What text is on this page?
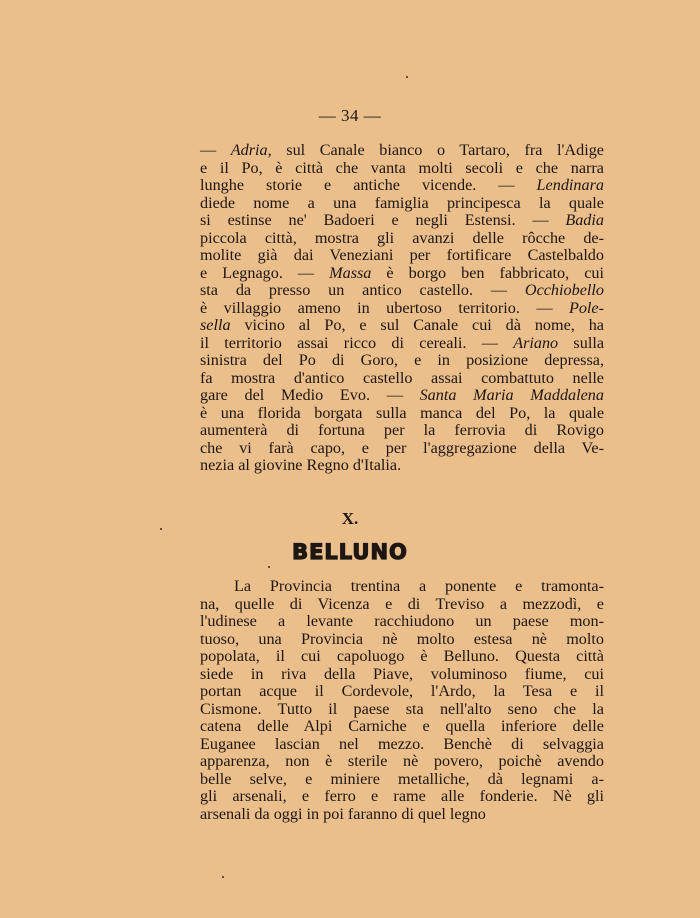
— 34 —
— Adria, sul Canale bianco o Tartaro, fra l'Adige
e il Po, è città che vanta molti secoli e che narra
lunghe storie e antiche vicende. — Lendinara
diede nome a una famiglia principesca la quale
si estinse ne' Badoeri e negli Estensi. — Badia
piccola città, mostra gli avanzi delle rôcche de-
molite già dai Veneziani per fortificare Castelbaldo
e Legnago. — Massa è borgo ben fabbricato, cui
sta da presso un antico castello. — Occhiobello
è villaggio ameno in ubertoso territorio. — Pole-
sella vicino al Po, e sul Canale cui dà nome, ha
il territorio assai ricco di cereali. — Ariano sulla
sinistra del Po di Goro, e in posizione depressa,
fa mostra d'antico castello assai combattuto nelle
gare del Medio Evo. — Santa Maria Maddalena
è una florida borgata sulla manca del Po, la quale
aumenterà di fortuna per la ferrovia di Rovigo
che vi farà capo, e per l'aggregazione della Ve-
nezia al giovine Regno d'Italia.
X.
BELLUNO
La Provincia trentina a ponente e tramonta-
na, quelle di Vicenza e di Treviso a mezzodì, e
l'udinese a levante racchiudono un paese mon-
tuoso, una Provincia nè molto estesa nè molto
popolata, il cui capoluogo è Belluno. Questa città
siede in riva della Piave, voluminoso fiume, cui
portan acque il Cordevole, l'Ardo, la Tesa e il
Cismone. Tutto il paese sta nell'alto seno che la
catena delle Alpi Carniche e quella inferiore delle
Euganee lascian nel mezzo. Benchè di selvaggia
apparenza, non è sterile nè povero, poichè avendo
belle selve, e miniere metalliche, dà legnami a-
gli arsenali, e ferro e rame alle fonderie. Nè gli
arsenali da oggi in poi faranno di quel legno
